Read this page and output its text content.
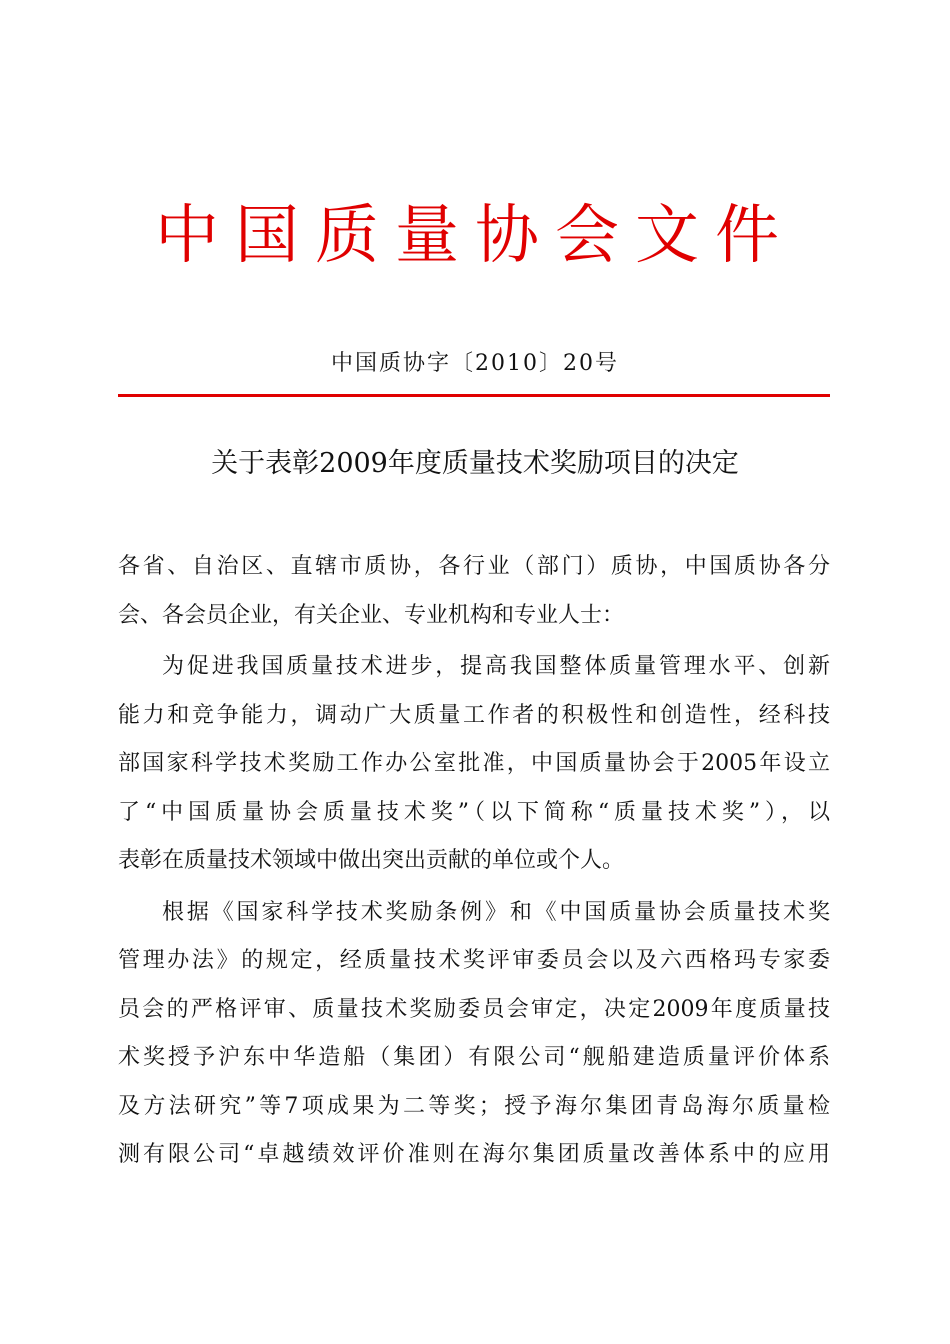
中国质量协会文件
中国质协字〔2010〕20号
关于表彰2009年度质量技术奖励项目的决定
各省、自治区、直辖市质协，各行业（部门）质协，中国质协各分
会、各会员企业，有关企业、专业机构和专业人士：
为促进我国质量技术进步，提高我国整体质量管理水平、创新
能力和竞争能力，调动广大质量工作者的积极性和创造性，经科技
部国家科学技术奖励工作办公室批准，中国质量协会于2005年设立
了“中国质量协会质量技术奖”（以下简称“质量技术奖”），以
表彰在质量技术领域中做出突出贡献的单位或个人。
根据《国家科学技术奖励条例》和《中国质量协会质量技术奖
管理办法》的规定，经质量技术奖评审委员会以及六西格玛专家委
员会的严格评审、质量技术奖励委员会审定，决定2009年度质量技
术奖授予沪东中华造船（集团）有限公司“舰船建造质量评价体系
及方法研究”等7项成果为二等奖；授予海尔集团青岛海尔质量检
测有限公司“卓越绩效评价准则在海尔集团质量改善体系中的应用
